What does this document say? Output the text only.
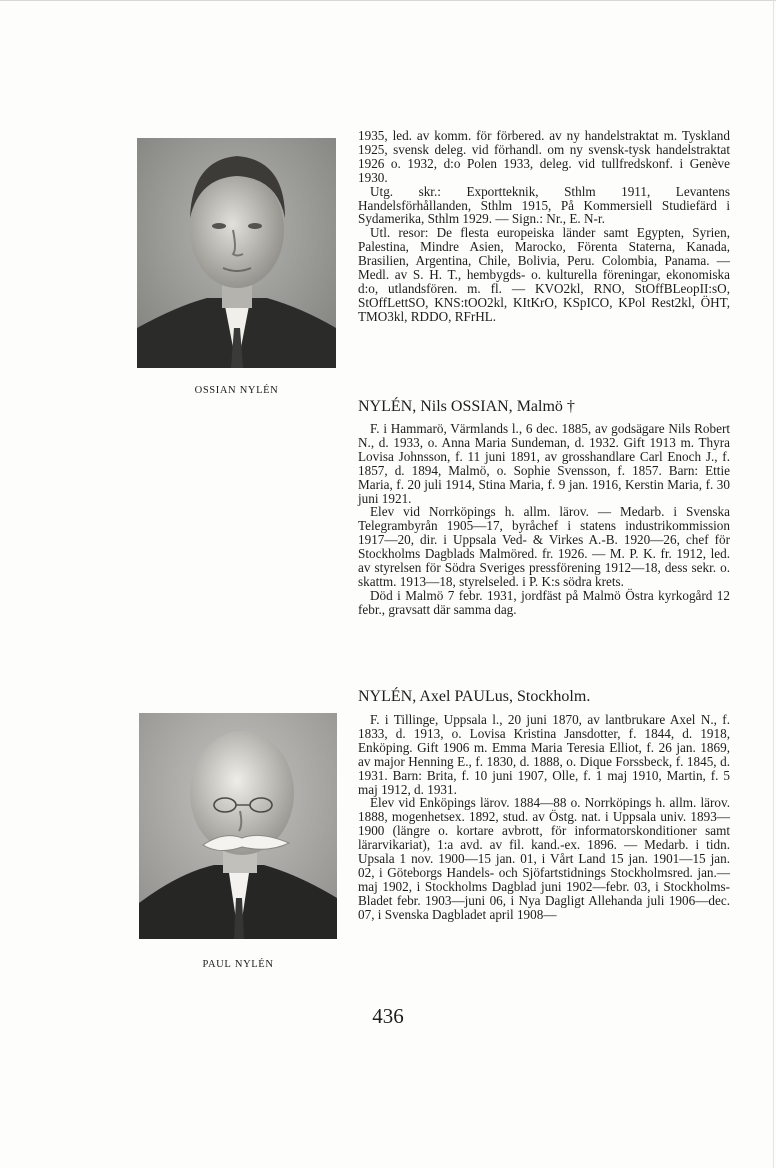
OSSIAN NYLÉN
PAUL NYLÉN

1935, led. av komm. för förbered. av ny handelstraktat m. Tyskland 1925, svensk deleg. vid förhandl. om ny svensk-tysk handelstraktat 1926 o. 1932, d:o Polen 1933, deleg. vid tullfredskonf. i Genève 1930.

Utg. skr.: Exportteknik, Sthlm 1911, Levantens Handelsförhållanden, Sthlm 1915, På Kommersiell Studiefärd i Sydamerika, Sthlm 1929. — Sign.: Nr., E. N-r.

Utl. resor: De flesta europeiska länder samt Egypten, Syrien, Palestina, Mindre Asien, Marocko, Förenta Staterna, Kanada, Brasilien, Argentina, Chile, Bolivia, Peru. Colombia, Panama. — Medl. av S. H. T., hembygds- o. kulturella föreningar, ekonomiska d:o, utlandsfören. m. fl. — KVO2kl, RNO, StOffBLeopII:sO, StOffLettSO, KNS:tOO2kl, KItKrO, KSpICO, KPol Rest2kl, ÖHT, TMO3kl, RDDO, RFrHL.

NYLÉN, Nils OSSIAN, Malmö †

F. i Hammarö, Värmlands l., 6 dec. 1885, av godsägare Nils Robert N., d. 1933, o. Anna Maria Sundeman, d. 1932. Gift 1913 m. Thyra Lovisa Johnsson, f. 11 juni 1891, av grosshandlare Carl Enoch J., f. 1857, d. 1894, Malmö, o. Sophie Svensson, f. 1857. Barn: Ettie Maria, f. 20 juli 1914, Stina Maria, f. 9 jan. 1916, Kerstin Maria, f. 30 juni 1921.

Elev vid Norrköpings h. allm. lärov. — Medarb. i Svenska Telegrambyrån 1905—17, byråchef i statens industrikommission 1917—20, dir. i Uppsala Ved- & Virkes A.-B. 1920—26, chef för Stockholms Dagblads Malmöred. fr. 1926. — M. P. K. fr. 1912, led. av styrelsen för Södra Sveriges pressförening 1912—18, dess sekr. o. skattm. 1913—18, styrelseled. i P. K:s södra krets.

Död i Malmö 7 febr. 1931, jordfäst på Malmö Östra kyrkogård 12 febr., gravsatt där samma dag.

NYLÉN, Axel PAULus, Stockholm.

F. i Tillinge, Uppsala l., 20 juni 1870, av lantbrukare Axel N., f. 1833, d. 1913, o. Lovisa Kristina Jansdotter, f. 1844, d. 1918, Enköping. Gift 1906 m. Emma Maria Teresia Elliot, f. 26 jan. 1869, av major Henning E., f. 1830, d. 1888, o. Dique Forssbeck, f. 1845, d. 1931. Barn: Brita, f. 10 juni 1907, Olle, f. 1 maj 1910, Martin, f. 5 maj 1912, d. 1931.

Elev vid Enköpings lärov. 1884—88 o. Norrköpings h. allm. lärov. 1888, mogenhetsex. 1892, stud. av Östg. nat. i Uppsala univ. 1893—1900 (längre o. kortare avbrott, för informatorskonditioner samt lärarvikariat), 1:a avd. av fil. kand.-ex. 1896. — Medarb. i tidn. Upsala 1 nov. 1900—15 jan. 01, i Vårt Land 15 jan. 1901—15 jan. 02, i Göteborgs Handels- och Sjöfartstidnings Stockholmsred. jan.—maj 1902, i Stockholms Dagblad juni 1902—febr. 03, i Stockholms-Bladet febr. 1903—juni 06, i Nya Dagligt Allehanda juli 1906—dec. 07, i Svenska Dagbladet april 1908—

436
